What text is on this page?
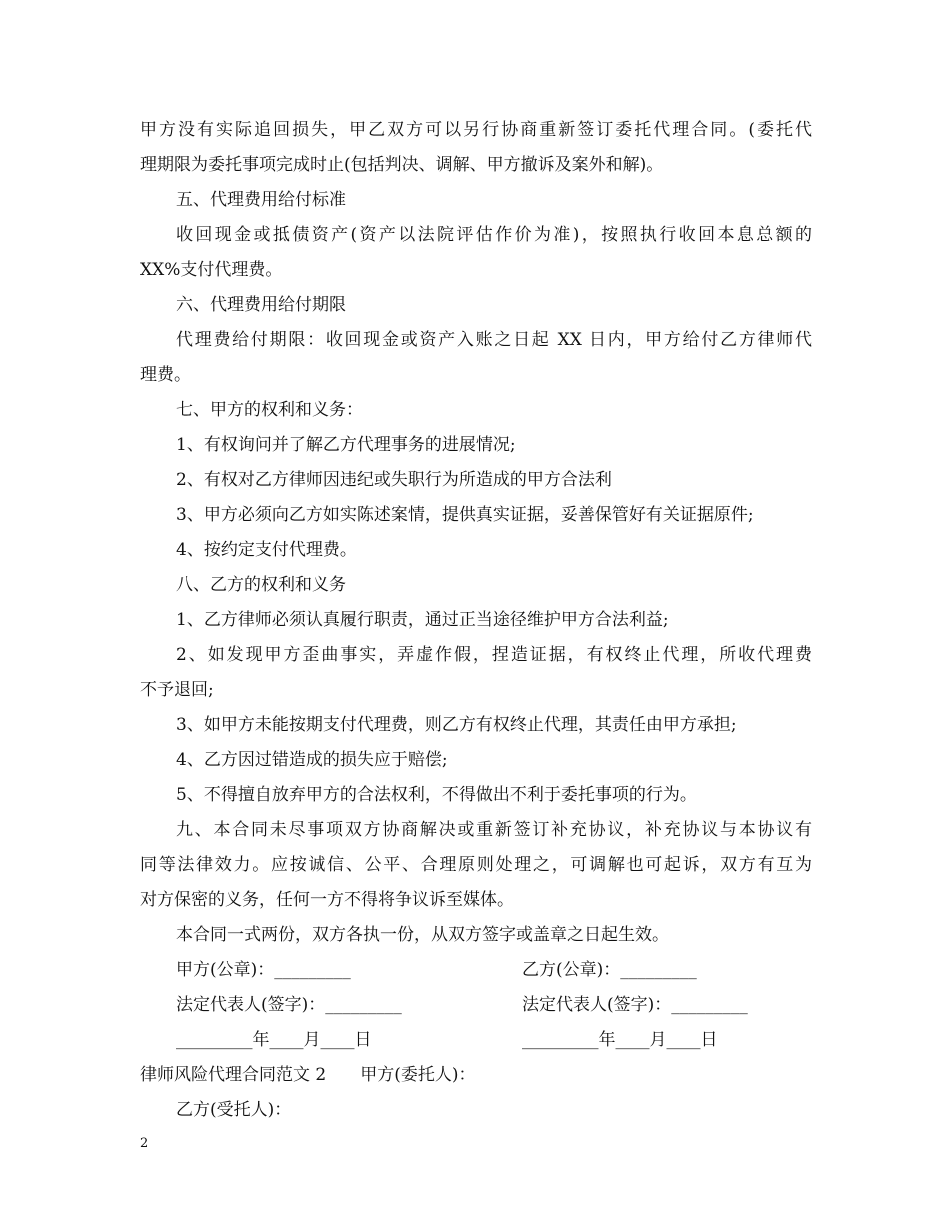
甲方没有实际追回损失，甲乙双方可以另行协商重新签订委托代理合同。(委托代
理期限为委托事项完成时止(包括判决、调解、甲方撤诉及案外和解)。
五、代理费用给付标准
收回现金或抵债资产(资产以法院评估作价为准)，按照执行收回本息总额的
XX%支付代理费。
六、代理费用给付期限
代理费给付期限：收回现金或资产入账之日起 XX 日内，甲方给付乙方律师代
理费。
七、甲方的权利和义务：
1、有权询问并了解乙方代理事务的进展情况;
2、有权对乙方律师因违纪或失职行为所造成的甲方合法利
3、甲方必须向乙方如实陈述案情，提供真实证据，妥善保管好有关证据原件;
4、按约定支付代理费。
八、乙方的权利和义务
1、乙方律师必须认真履行职责，通过正当途径维护甲方合法利益;
2、如发现甲方歪曲事实，弄虚作假，捏造证据，有权终止代理，所收代理费
不予退回;
3、如甲方未能按期支付代理费，则乙方有权终止代理，其责任由甲方承担;
4、乙方因过错造成的损失应于赔偿;
5、不得擅自放弃甲方的合法权利，不得做出不利于委托事项的行为。
九、本合同未尽事项双方协商解决或重新签订补充协议，补充协议与本协议有
同等法律效力。应按诚信、公平、合理原则处理之，可调解也可起诉，双方有互为
对方保密的义务，任何一方不得将争议诉至媒体。
本合同一式两份，双方各执一份，从双方签字或盖章之日起生效。
甲方(公章)：_________	乙方(公章)：_________
法定代表人(签字)：_________	法定代表人(签字)：_________
_________年____月____日	_________年____月____日
律师风险代理合同范文 2　　甲方(委托人)：
乙方(受托人)：
2
